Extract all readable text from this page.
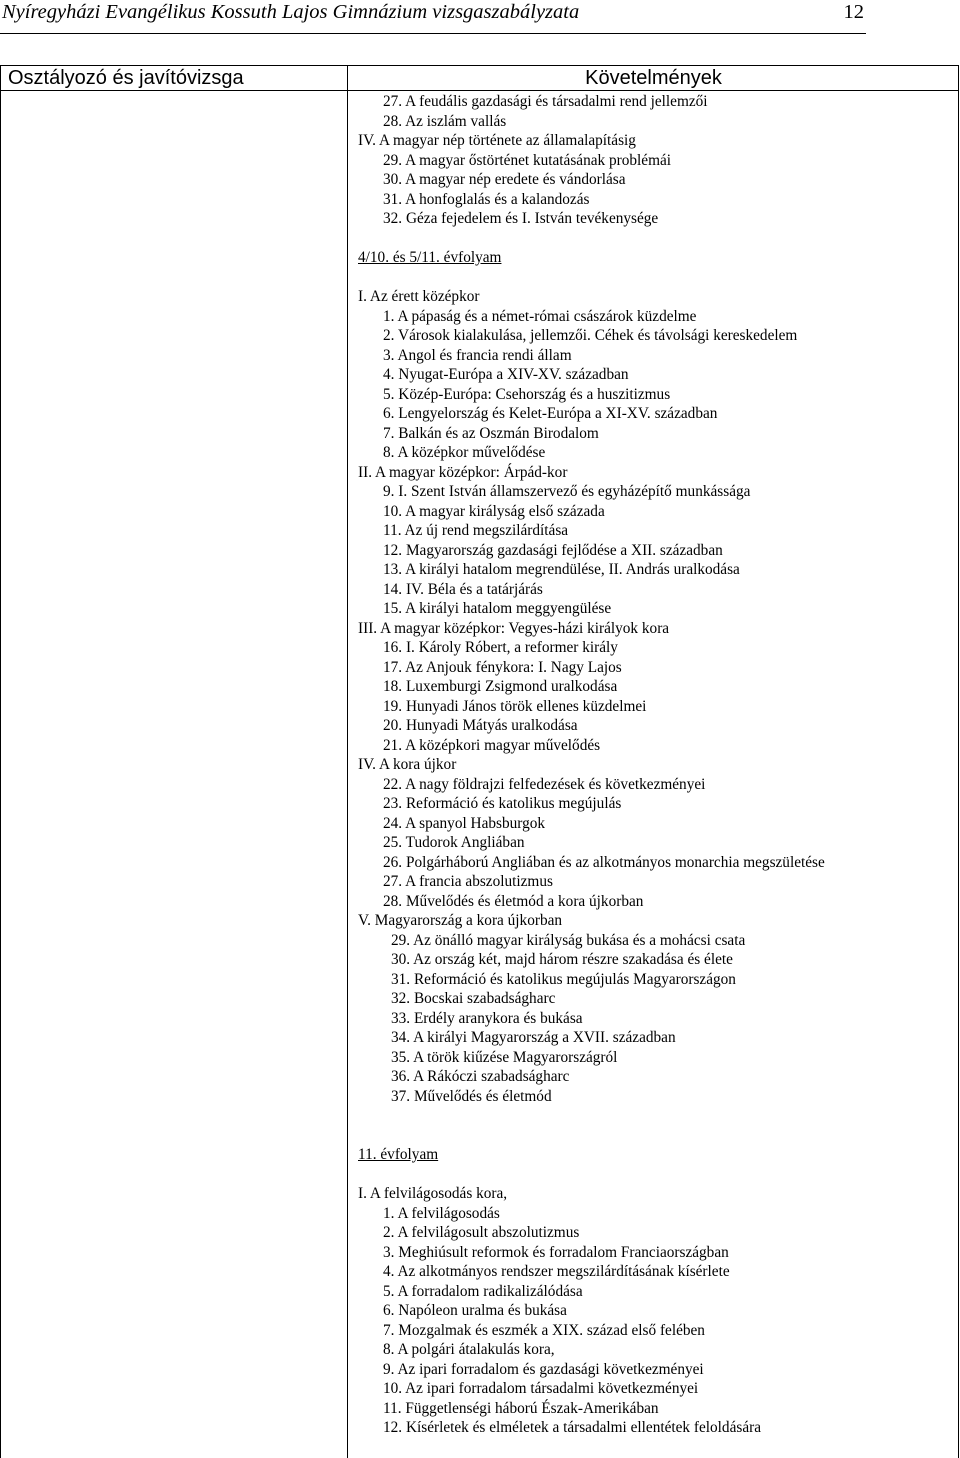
Nyíregyházi Evangélikus Kossuth Lajos Gimnázium vizsgaszabályzata	12
Osztályozó és javítóvizsga	Követelmények
27. A feudális gazdasági és társadalmi rend jellemzői
28. Az iszlám vallás
IV. A magyar nép története az államalapításig
29. A magyar őstörténet kutatásának problémái
30. A magyar nép eredete és vándorlása
31. A honfoglalás és a kalandozás
32. Géza fejedelem és I. István tevékenysége
4/10. és 5/11. évfolyam
I. Az érett középkor
1. A pápaság és a német-római császárok küzdelme
2. Városok kialakulása, jellemzői. Céhek és távolsági kereskedelem
3. Angol és francia rendi állam
4. Nyugat-Európa a XIV-XV. században
5. Közép-Európa: Csehország és a huszitizmus
6. Lengyelország és Kelet-Európa a XI-XV. században
7. Balkán és az Oszmán Birodalom
8. A középkor művelődése
II. A magyar középkor: Árpád-kor
9. I. Szent István államszervező és egyházépítő munkássága
10. A magyar királyság első százada
11. Az új rend megszilárdítása
12. Magyarország gazdasági fejlődése a XII. században
13. A királyi hatalom megrendülése, II. András uralkodása
14. IV. Béla és a tatárjárás
15. A királyi hatalom meggyengülése
III. A magyar középkor: Vegyes-házi királyok kora
16. I. Károly Róbert, a reformer király
17. Az Anjouk fénykora: I. Nagy Lajos
18. Luxemburgi Zsigmond uralkodása
19. Hunyadi János török ellenes küzdelmei
20. Hunyadi Mátyás uralkodása
21. A középkori magyar művelődés
IV. A kora újkor
22. A nagy földrajzi felfedezések és következményei
23. Reformáció és katolikus megújulás
24. A spanyol Habsburgok
25. Tudorok Angliában
26. Polgárháború Angliában és az alkotmányos monarchia megszületése
27. A francia abszolutizmus
28. Művelődés és életmód a kora újkorban
V. Magyarország a kora újkorban
29. Az önálló magyar királyság bukása és a mohácsi csata
30. Az ország két, majd három részre szakadása és élete
31. Reformáció és katolikus megújulás Magyarországon
32. Bocskai szabadságharc
33. Erdély aranykora és bukása
34. A királyi Magyarország a XVII. században
35. A török kiűzése Magyarországról
36. A Rákóczi szabadságharc
37. Művelődés és életmód
11. évfolyam
I. A felvilágosodás kora,
1. A felvilágosodás
2. A felvilágosult abszolutizmus
3. Meghiúsult reformok és forradalom Franciaországban
4. Az alkotmányos rendszer megszilárdításának kísérlete
5. A forradalom radikalizálódása
6. Napóleon uralma és bukása
7. Mozgalmak és eszmék a XIX. század első felében
8. A polgári átalakulás kora,
9. Az ipari forradalom és gazdasági következményei
10. Az ipari forradalom társadalmi következményei
11. Függetlenségi háború Észak-Amerikában
12. Kísérletek és elméletek a társadalmi ellentétek feloldására
